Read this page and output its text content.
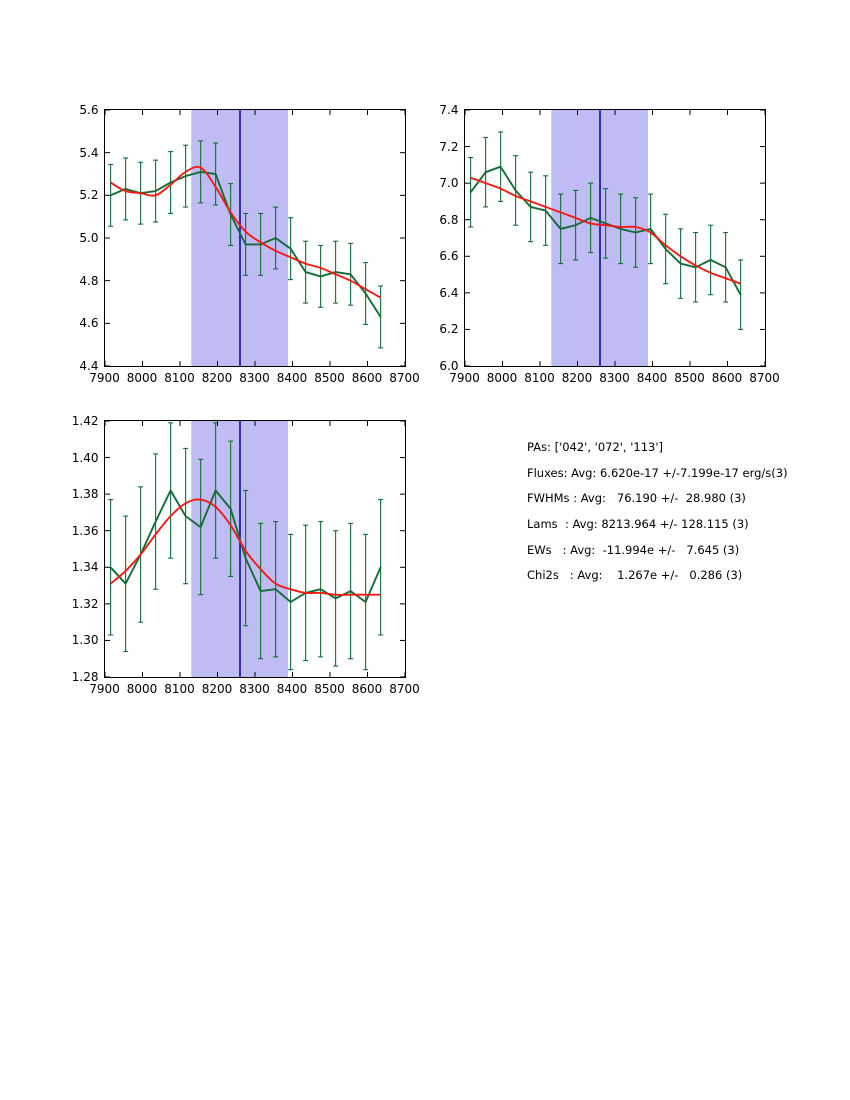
4.4
4.6
4.8
5.0
5.2
5.4
5.6
7900 8000 8100 8200 8300 8400 8500 8600 8700
6.0
6.2
6.4
6.6
6.8
7.0
7.2
7.4
7900 8000 8100 8200 8300 8400 8500 8600 8700
1.28
1.30
1.32
1.34
1.36
1.38
1.40
1.42
7900 8000 8100 8200 8300 8400 8500 8600 8700
PAs: ['042', '072', '113']
Fluxes: Avg: 6.620e-17 +/-7.199e-17 erg/s(3)
FWHMs : Avg:   76.190 +/-  28.980 (3)
Lams  : Avg: 8213.964 +/- 128.115 (3)
EWs   : Avg:  -11.994e +/-   7.645 (3)
Chi2s   : Avg:    1.267e +/-   0.286 (3)
